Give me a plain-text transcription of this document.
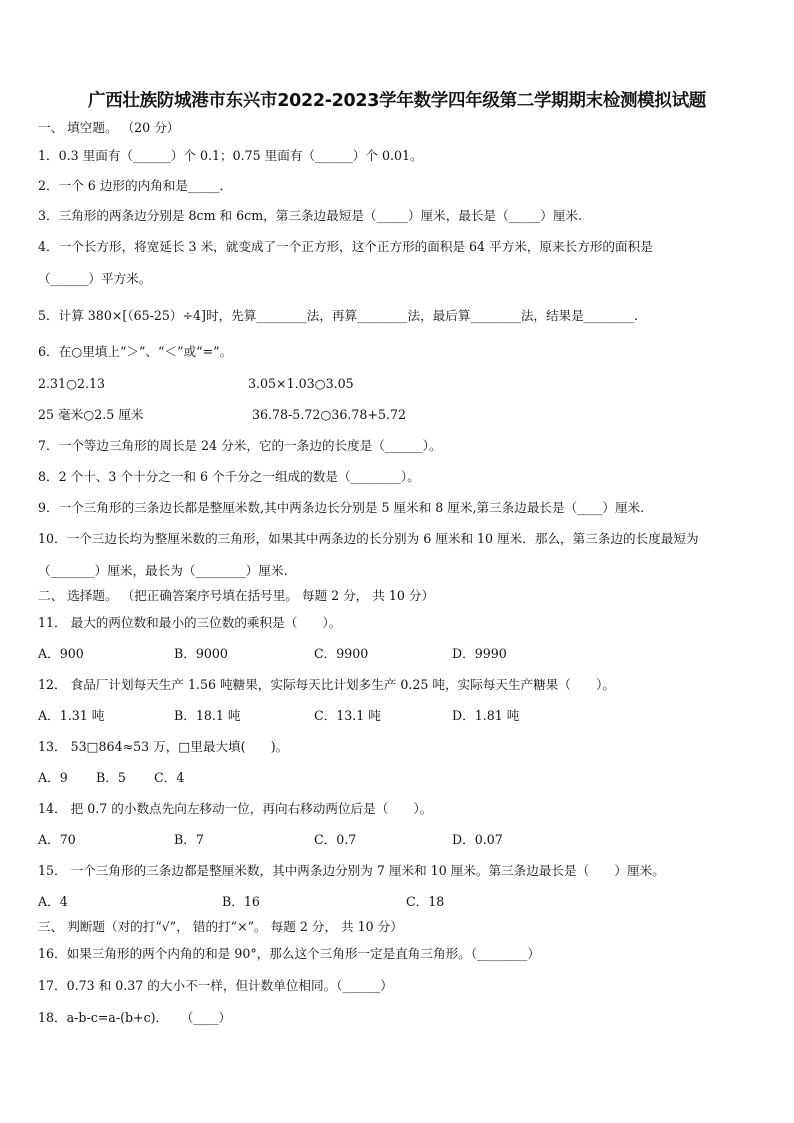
广西壮族防城港市东兴市2022-2023学年数学四年级第二学期期末检测模拟试题
一、 填空题。 （20 分）
1．0.3 里面有（______）个 0.1；0.75 里面有（______）个 0.01。
2．一个 6 边形的内角和是_____．
3．三角形的两条边分别是 8cm 和 6cm，第三条边最短是（_____）厘米，最长是（_____）厘米.
4．一个长方形，将宽延长 3 米，就变成了一个正方形，这个正方形的面积是 64 平方米，原来长方形的面积是
（______）平方米。
5．计算 380×[（65-25）÷4]时，先算________法，再算________法，最后算________法，结果是________.
6．在○里填上“＞”、“＜”或“=”。
2.31○2.13	3.05×1.03○3.05
25 毫米○2.5 厘米	36.78-5.72○36.78+5.72
7．一个等边三角形的周长是 24 分米，它的一条边的长度是（______）。
8．2 个十、3 个十分之一和 6 个千分之一组成的数是（________）。
9．一个三角形的三条边长都是整厘米数,其中两条边长分别是 5 厘米和 8 厘米,第三条边最长是（____）厘米.
10．一个三边长均为整厘米数的三角形，如果其中两条边的长分别为 6 厘米和 10 厘米．那么，第三条边的长度最短为
（_______）厘米，最长为（________）厘米.
二、 选择题。 （把正确答案序号填在括号里。 每题 2 分， 共 10 分）
11． 最大的两位数和最小的三位数的乘积是（　　）。
A．900	B．9000	C．9900	D．9990
12． 食品厂计划每天生产 1.56 吨糖果，实际每天比计划多生产 0.25 吨，实际每天生产糖果（　　）。
A．1.31 吨	B．18.1 吨	C．13.1 吨	D．1.81 吨
13． 53□864≈53 万，□里最大填(　　)。
A．9 B．5 C．4
14． 把 0.7 的小数点先向左移动一位，再向右移动两位后是（　　）。
A．70	B．7	C．0.7	D．0.07
15． 一个三角形的三条边都是整厘米数，其中两条边分别为 7 厘米和 10 厘米。第三条边最长是（　　）厘米。
A．4	B．16	C．18
三、 判断题（对的打“√”， 错的打“×”。 每题 2 分， 共 10 分）
16．如果三角形的两个内角的和是 90°，那么这个三角形一定是直角三角形。（________）
17．0.73 和 0.37 的大小不一样，但计数单位相同。（______）
18．a-b-c=a-(b+c)．　　（____）
